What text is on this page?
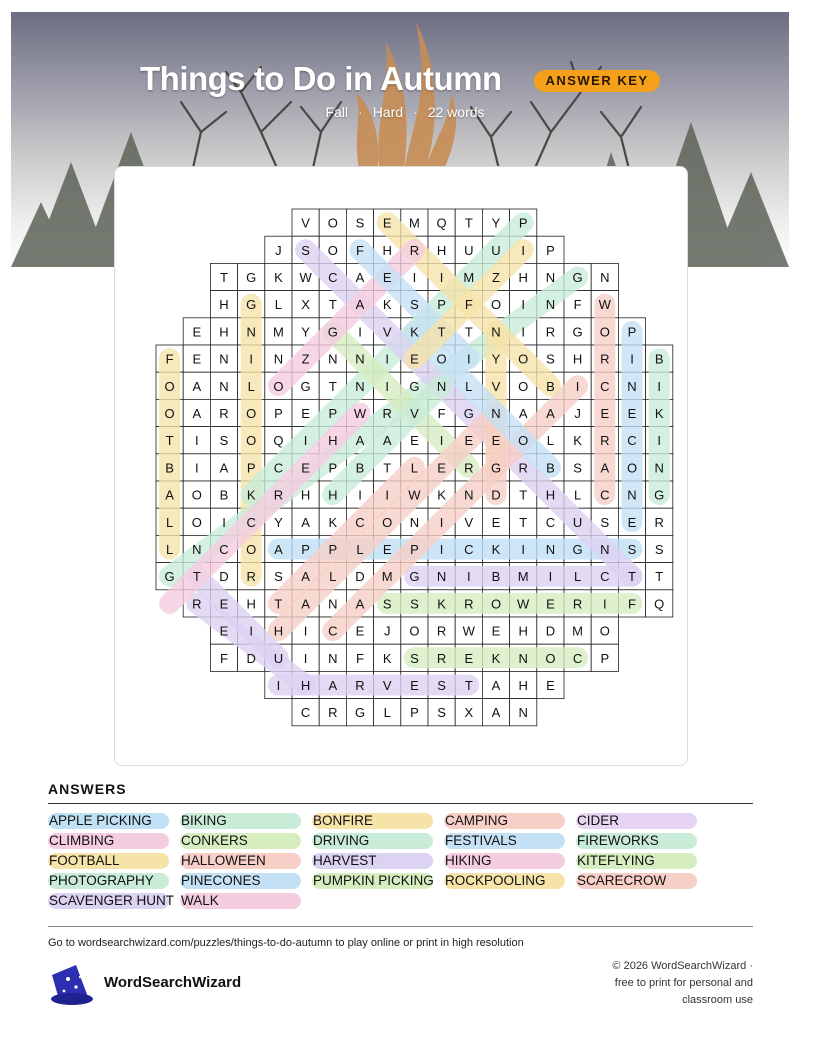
Things to Do in Autumn	ANSWER KEY
Fall · Hard · 22 words
V O S E M Q T Y P
J S O F H R H U U I P
T G K W C A E I I M Z H N G N
H G L X T A K S P F O I N F W
E H N M Y G I V K T T N I R G O P
F E N I N Z N N I E O I Y O S H R I B
O A N L O G T N I G N L V O B I C N I
O A R O P E P W R V F G N A A J E E K
T I S O Q I H A A E I E E O L K R C I
B I A P C E P B T L E R G R B S A O N
A O B K R H H I I W K N D T H L C N G
L O I C Y A K C O N I V E T C U S E R
L N C O A P P L E P I C K I N G N S S
G T D R S A L D M G N I B M I L C T T
R E H T A N A S S K R O W E R I F Q
E I H I C E J O R W E H D M O
F D U I N F K S R E K N O C P
I H A R V E S T A H E
C R G L P S X A N
ANSWERS
APPLE PICKING
CLIMBING
FOOTBALL
PHOTOGRAPHY
SCAVENGER HUNT
BIKING
CONKERS
HALLOWEEN
PINECONES
WALK
BONFIRE
DRIVING
HARVEST
PUMPKIN PICKING
CAMPING
FESTIVALS
HIKING
ROCKPOOLING
CIDER
FIREWORKS
KITEFLYING
SCARECROW
Go to wordsearchwizard.com/puzzles/things-to-do-autumn to play online or print in high resolution
WordSearchWizard
© 2026 WordSearchWizard ·
free to print for personal and
classroom use
